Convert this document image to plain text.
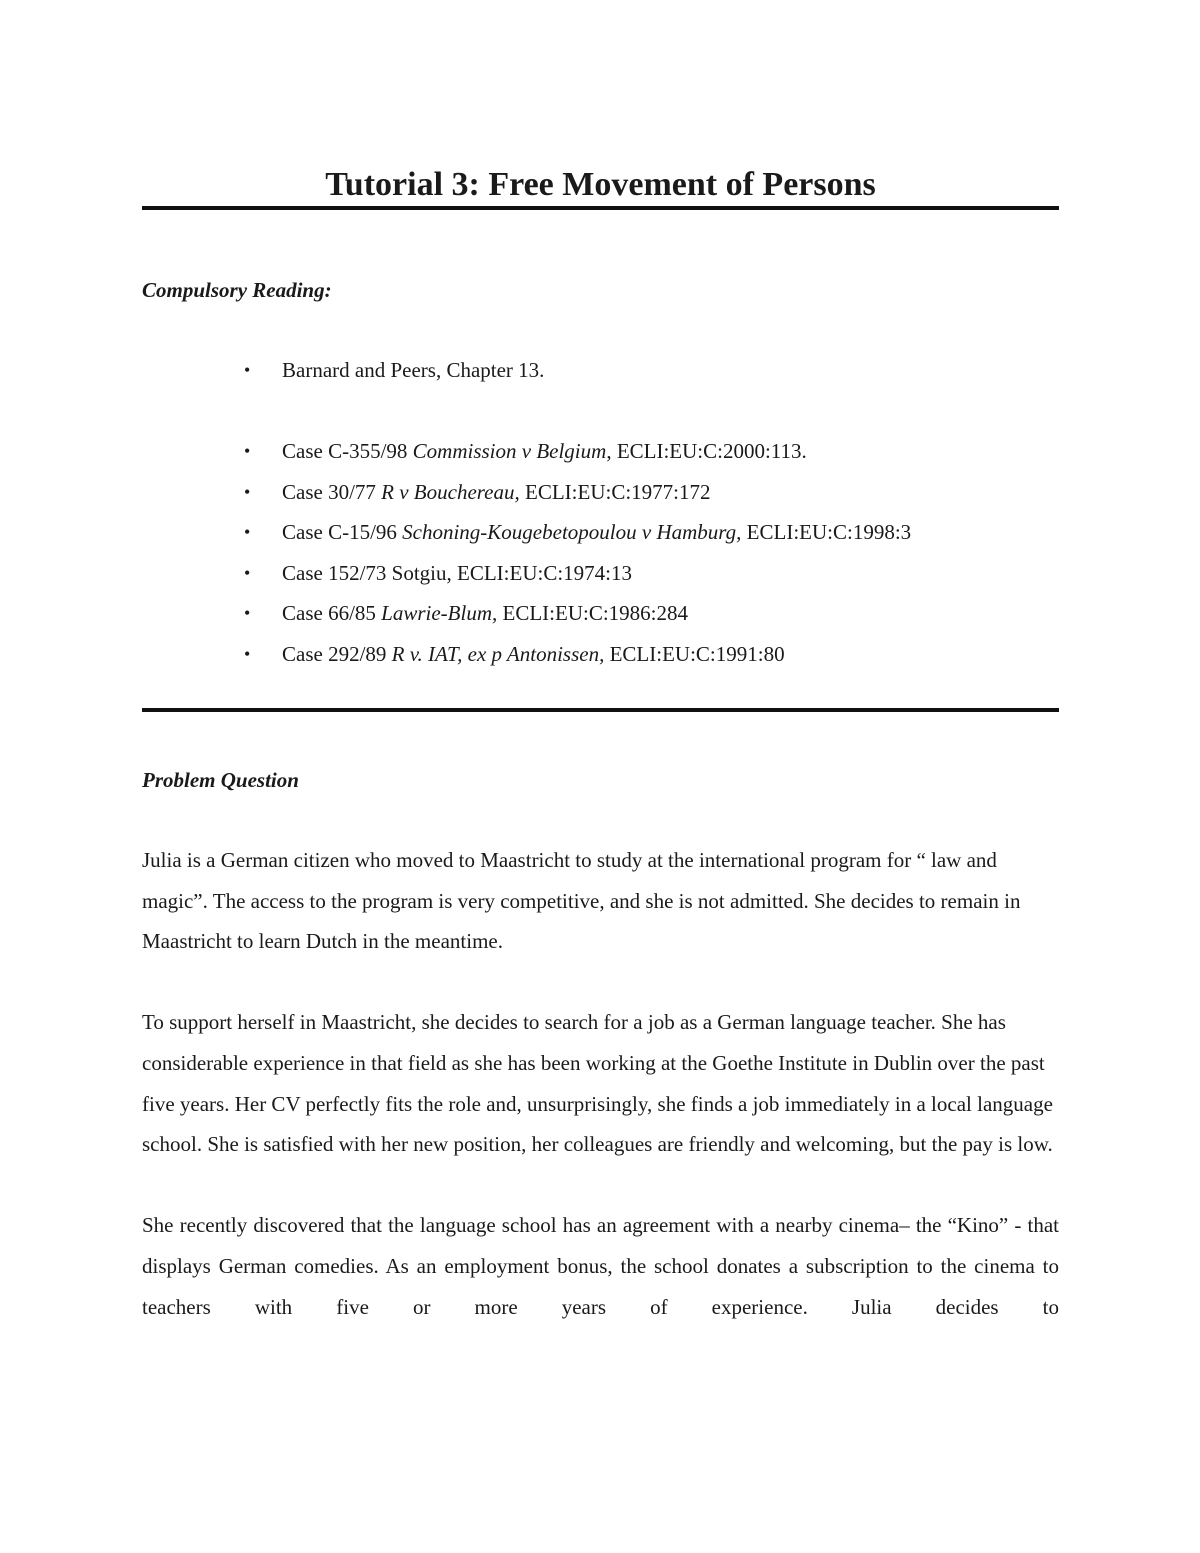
Tutorial 3: Free Movement of Persons
Compulsory Reading:
• Barnard and Peers, Chapter 13.
• Case C-355/98 Commission v Belgium, ECLI:EU:C:2000:113.
• Case 30/77 R v Bouchereau, ECLI:EU:C:1977:172
• Case C-15/96 Schoning-Kougebetopoulou v Hamburg, ECLI:EU:C:1998:3
• Case 152/73 Sotgiu, ECLI:EU:C:1974:13
• Case 66/85 Lawrie-Blum, ECLI:EU:C:1986:284
• Case 292/89 R v. IAT, ex p Antonissen, ECLI:EU:C:1991:80
Problem Question

Julia is a German citizen who moved to Maastricht to study at the international program for “ law and magic”. The access to the program is very competitive, and she is not admitted. She decides to remain in Maastricht to learn Dutch in the meantime.

To support herself in Maastricht, she decides to search for a job as a German language teacher. She has considerable experience in that field as she has been working at the Goethe Institute in Dublin over the past five years. Her CV perfectly fits the role and, unsurprisingly, she finds a job immediately in a local language school. She is satisfied with her new position, her colleagues are friendly and welcoming, but the pay is low.

She recently discovered that the language school has an agreement with a nearby cinema– the “Kino” - that displays German comedies. As an employment bonus, the school donates a subscription to the cinema to teachers with five or more years of experience. Julia decides to
